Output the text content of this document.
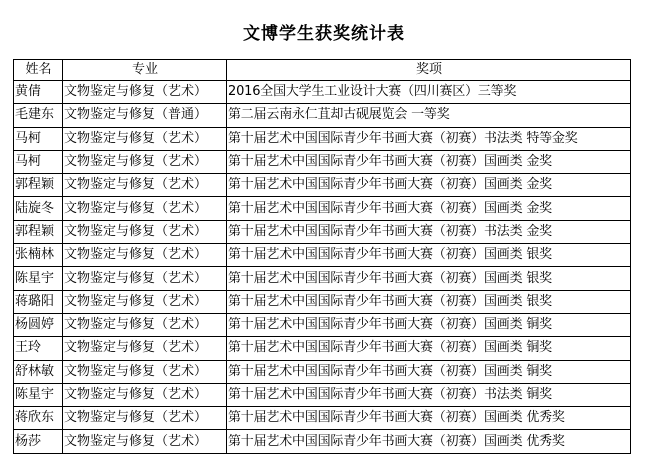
文博学生获奖统计表
姓名	专业	奖项
黄倩	文物鉴定与修复（艺术）	2016全国大学生工业设计大赛（四川赛区）三等奖
毛建东	文物鉴定与修复（普通）	第二届云南永仁苴却古砚展览会 一等奖
马柯	文物鉴定与修复（艺术）	第十届艺术中国国际青少年书画大赛（初赛）书法类 特等金奖
马柯	文物鉴定与修复（艺术）	第十届艺术中国国际青少年书画大赛（初赛）国画类 金奖
郭程颖	文物鉴定与修复（艺术）	第十届艺术中国国际青少年书画大赛（初赛）国画类 金奖
陆旋冬	文物鉴定与修复（艺术）	第十届艺术中国国际青少年书画大赛（初赛）国画类 金奖
郭程颖	文物鉴定与修复（艺术）	第十届艺术中国国际青少年书画大赛（初赛）书法类 金奖
张楠林	文物鉴定与修复（艺术）	第十届艺术中国国际青少年书画大赛（初赛）国画类 银奖
陈星宇	文物鉴定与修复（艺术）	第十届艺术中国国际青少年书画大赛（初赛）国画类 银奖
蒋璐阳	文物鉴定与修复（艺术）	第十届艺术中国国际青少年书画大赛（初赛）国画类 银奖
杨圆婷	文物鉴定与修复（艺术）	第十届艺术中国国际青少年书画大赛（初赛）国画类 铜奖
王玲	文物鉴定与修复（艺术）	第十届艺术中国国际青少年书画大赛（初赛）国画类 铜奖
舒林敏	文物鉴定与修复（艺术）	第十届艺术中国国际青少年书画大赛（初赛）国画类 铜奖
陈星宇	文物鉴定与修复（艺术）	第十届艺术中国国际青少年书画大赛（初赛）书法类 铜奖
蒋欣东	文物鉴定与修复（艺术）	第十届艺术中国国际青少年书画大赛（初赛）国画类 优秀奖
杨莎	文物鉴定与修复（艺术）	第十届艺术中国国际青少年书画大赛（初赛）国画类 优秀奖
